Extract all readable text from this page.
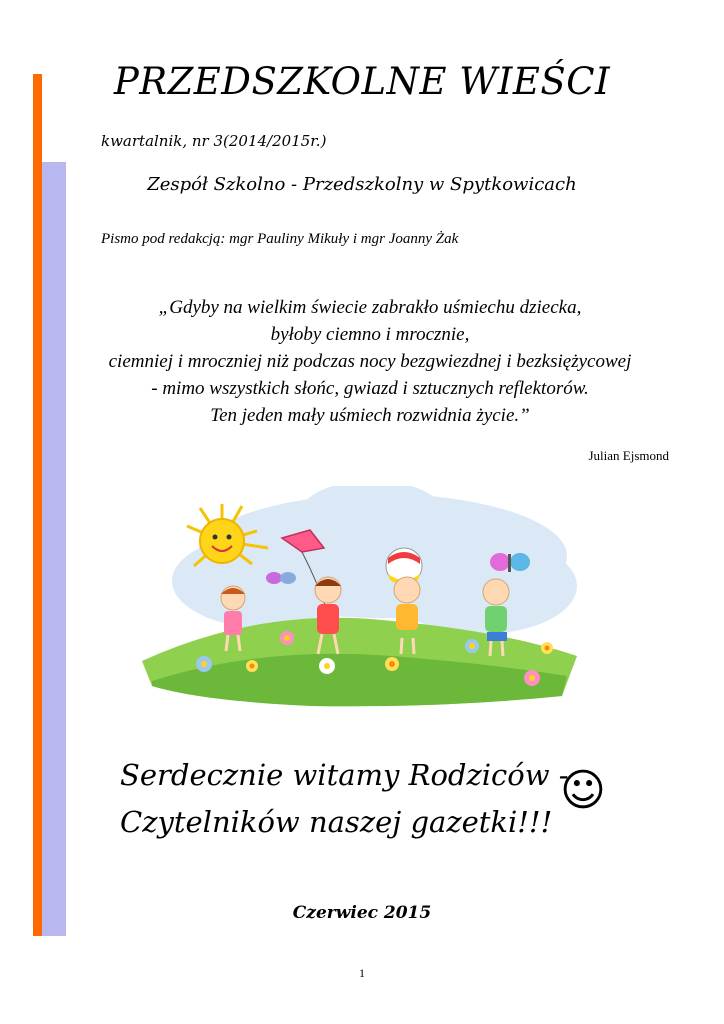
PRZEDSZKOLNE WIEŚCI
kwartalnik, nr 3(2014/2015r.)
Zespół Szkolno - Przedszkolny w Spytkowicach
Pismo pod redakcją: mgr Pauliny Mikuły i mgr Joanny Żak
„Gdyby na wielkim świecie zabrakło uśmiechu dziecka,
byłoby ciemno i mrocznie,
ciemniej i mroczniej niż podczas nocy bezgwiezdnej i bezksiężycowej
- mimo wszystkich słońc, gwiazd i sztucznych reflektorów.
Ten jeden mały uśmiech rozwidnia życie.”
Julian Ejsmond
Serdecznie witamy Rodziców -
Czytelników naszej gazetki!!!
☺
Czerwiec 2015
1
